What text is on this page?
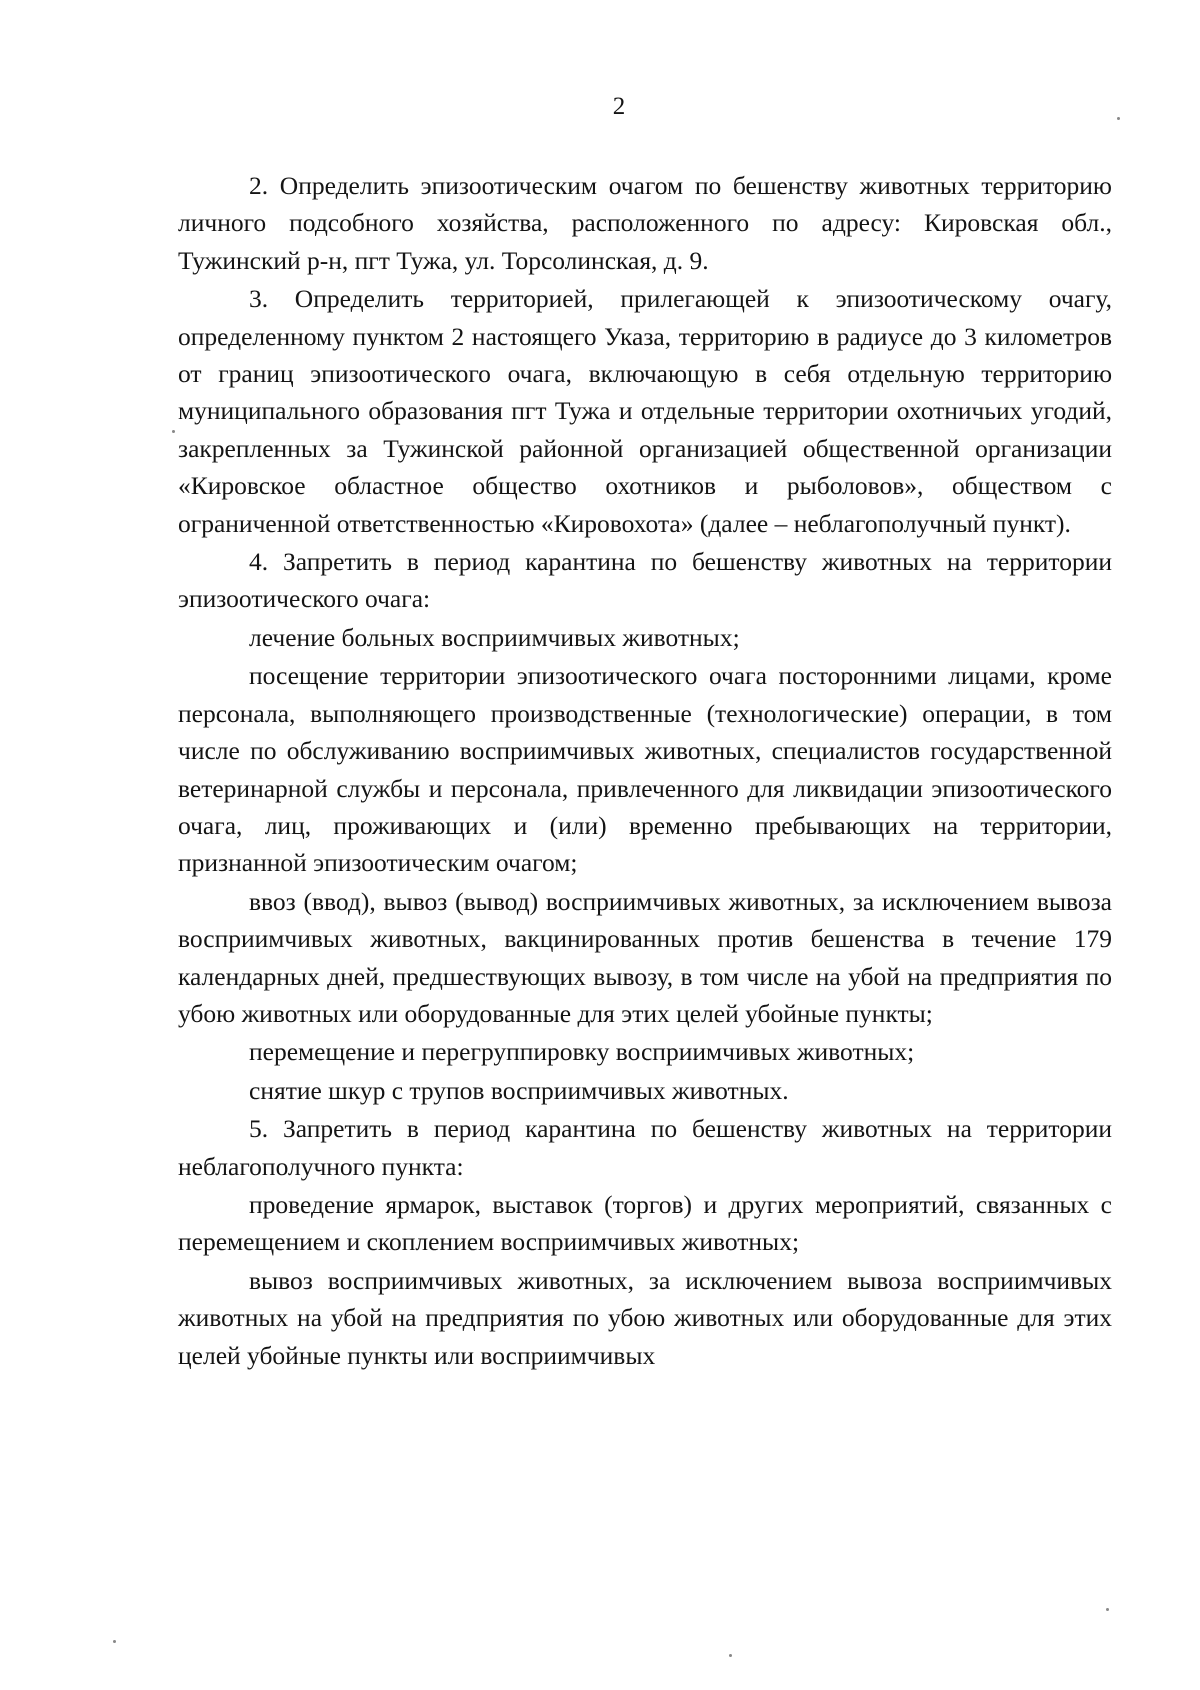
2

2. Определить эпизоотическим очагом по бешенству животных территорию личного подсобного хозяйства, расположенного по адресу: Кировская обл., Тужинский р-н, пгт Тужа, ул. Торсолинская, д. 9.

3. Определить территорией, прилегающей к эпизоотическому очагу, определенному пунктом 2 настоящего Указа, территорию в радиусе до 3 километров от границ эпизоотического очага, включающую в себя отдельную территорию муниципального образования пгт Тужа и отдельные территории охотничьих угодий, закрепленных за Тужинской районной организацией общественной организации «Кировское областное общество охотников и рыболовов», обществом с ограниченной ответственностью «Кировохота» (далее – неблагополучный пункт).

4. Запретить в период карантина по бешенству животных на территории эпизоотического очага:

лечение больных восприимчивых животных;

посещение территории эпизоотического очага посторонними лицами, кроме персонала, выполняющего производственные (технологические) операции, в том числе по обслуживанию восприимчивых животных, специалистов государственной ветеринарной службы и персонала, привлеченного для ликвидации эпизоотического очага, лиц, проживающих и (или) временно пребывающих на территории, признанной эпизоотическим очагом;

ввоз (ввод), вывоз (вывод) восприимчивых животных, за исключением вывоза восприимчивых животных, вакцинированных против бешенства в течение 179 календарных дней, предшествующих вывозу, в том числе на убой на предприятия по убою животных или оборудованные для этих целей убойные пункты;

перемещение и перегруппировку восприимчивых животных;

снятие шкур с трупов восприимчивых животных.

5. Запретить в период карантина по бешенству животных на территории неблагополучного пункта:

проведение ярмарок, выставок (торгов) и других мероприятий, связанных с перемещением и скоплением восприимчивых животных;

вывоз восприимчивых животных, за исключением вывоза восприимчивых животных на убой на предприятия по убою животных или оборудованные для этих целей убойные пункты или восприимчивых
